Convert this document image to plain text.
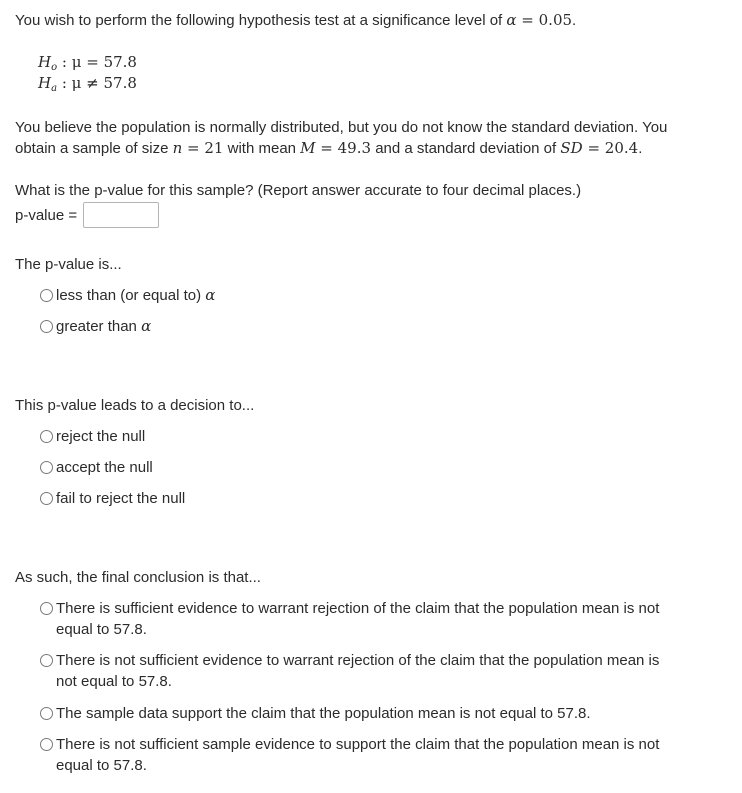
You wish to perform the following hypothesis test at a significance level of α = 0.05.

$H_o$ : μ = 57.8
$H_a$ : μ ≠ 57.8

You believe the population is normally distributed, but you do not know the standard deviation. You

obtain a sample of size n = 21 with mean M = 49.3 and a standard deviation of SD = 20.4.

What is the p-value for this sample? (Report answer accurate to four decimal places.)

p-value =

The p-value is...

less than (or equal to) α
greater than α

This p-value leads to a decision to...

reject the null
accept the null
fail to reject the null

As such, the final conclusion is that...

There is sufficient evidence to warrant rejection of the claim that the population mean is not
equal to 57.8.
There is not sufficient evidence to warrant rejection of the claim that the population mean is
not equal to 57.8.
The sample data support the claim that the population mean is not equal to 57.8.
There is not sufficient sample evidence to support the claim that the population mean is not
equal to 57.8.
